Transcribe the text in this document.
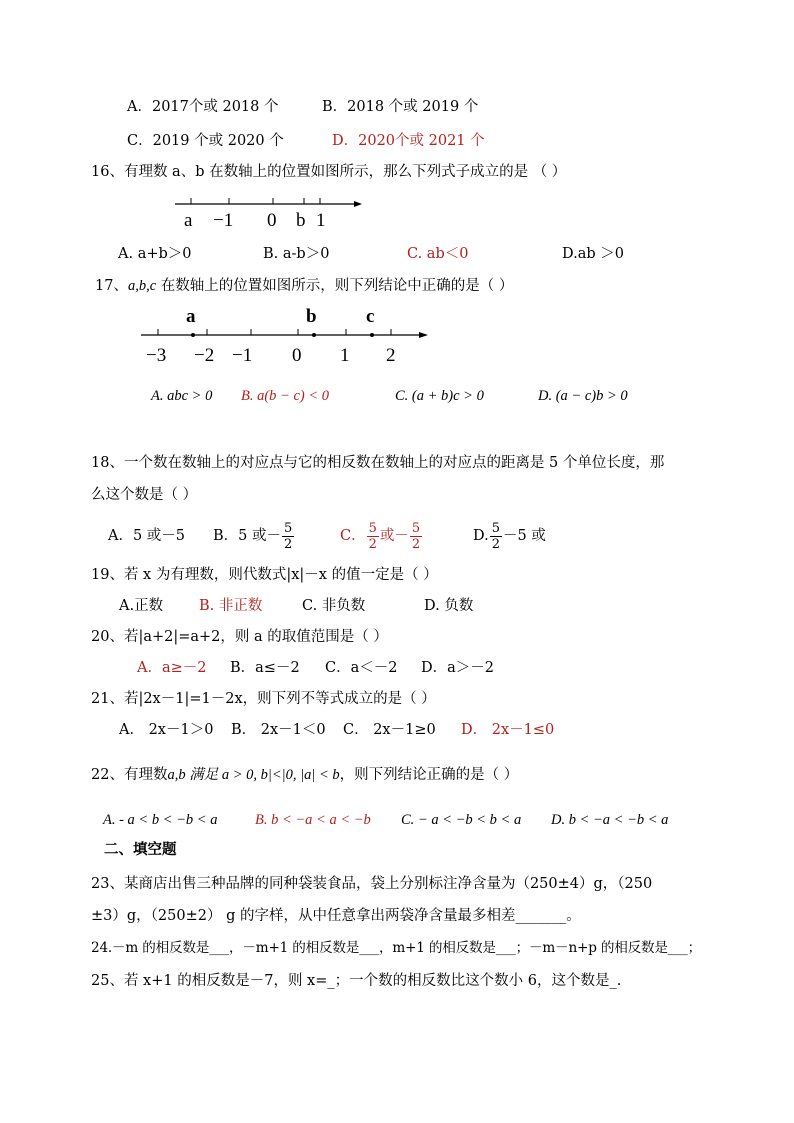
A．2017个或 2018 个	B．2018 个或 2019 个
C．2019 个或 2020 个	D．2020个或 2021 个
16、有理数 a、b 在数轴上的位置如图所示，那么下列式子成立的是 （ ）
a −1 0 b 1
A. a+b＞0	B. a-b＞0	C. ab＜0	D.ab ＞0
17、a,b,c 在数轴上的位置如图所示，则下列结论中正确的是（ ）
a	b	c
−3 −2 −1 0 1 2
A. abc > 0 B. a(b − c) < 0	C. (a + b)c > 0	D. (a − c)b > 0
18、一个数在数轴上的对应点与它的相反数在数轴上的对应点的距离是 5 个单位长度，那
么这个数是（ ）
A．5 或－5 B．5 或－ $\frac{5}{2}$	C． $\frac{5}{2}$ 或－ $\frac{5}{2}$	D. $\frac{5}{2} -5$ 或
19、若 x 为有理数，则代数式|x|－x 的值一定是（ ）
A.正数 B. 非正数	C. 非负数	D. 负数
20、若|a+2|=a+2，则 a 的取值范围是（ ）
A．a≥－2 B．a≤－2 C．a＜－2 D．a＞－2
21、若|2x－1|=1－2x，则下列不等式成立的是（ ）
A． 2x－1＞0 B． 2x－1＜0 C． 2x－1≥0 D． 2x－1≤0
22、有理数a,b 满足 a > 0, b|<|0, |a| < b，则下列结论正确的是（ ）
A. - a < b < −b < a	B. b < −a < a < −b C. − a < −b < b < a D. b < −a < −b < a
二、填空题
23、某商店出售三种品牌的同种袋装食品，袋上分别标注净含量为（250±4）g，（250
±3）g，（250±2） g 的字样，从中任意拿出两袋净含量最多相差_______。
24.－m 的相反数是___，－m+1 的相反数是___，m+1 的相反数是___；－m－n+p 的相反数是___；
25、若 x+1 的相反数是－7，则 x=_；一个数的相反数比这个数小 6，这个数是_.
